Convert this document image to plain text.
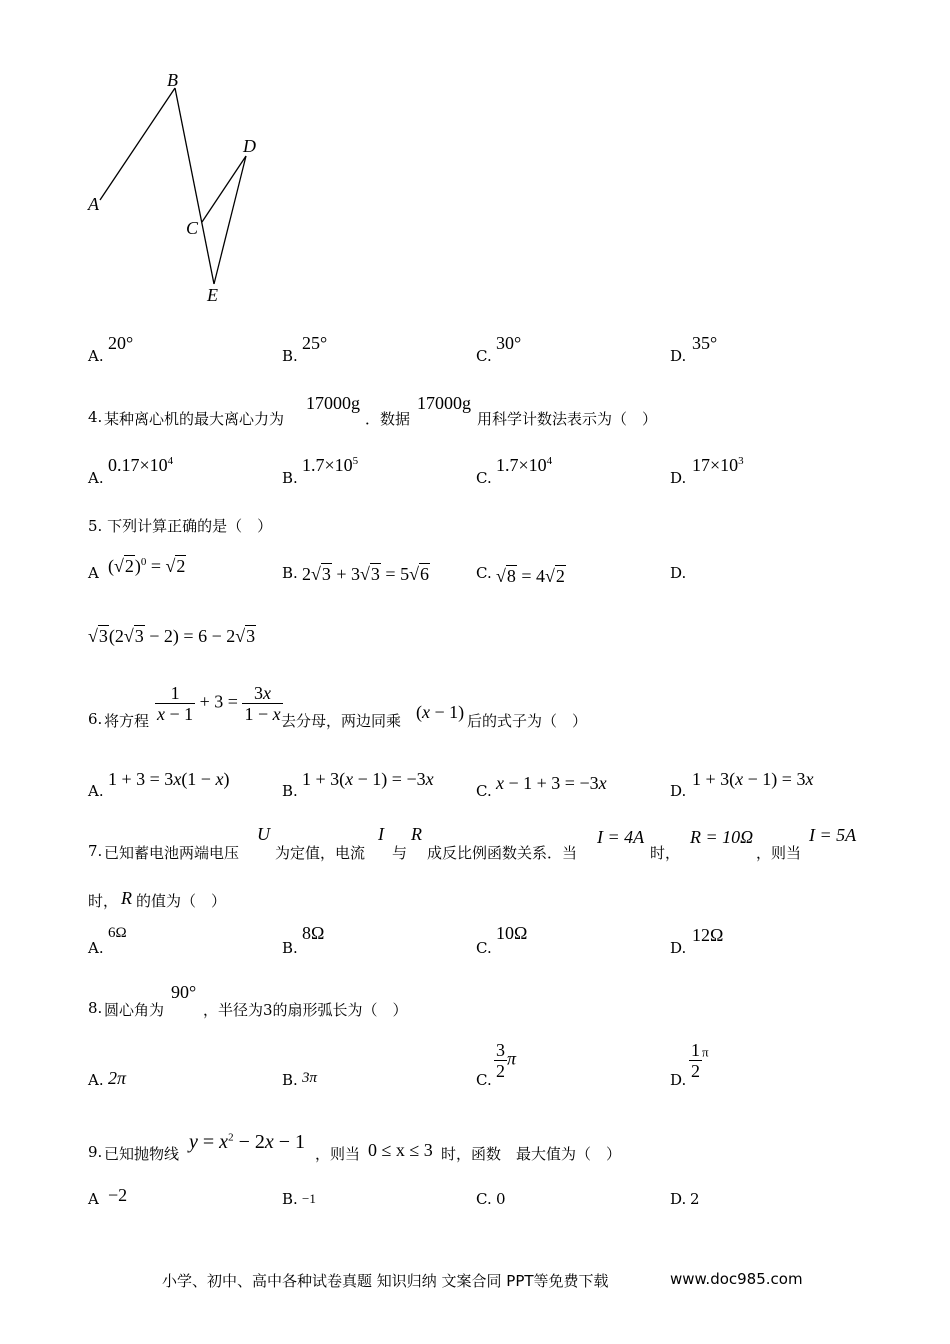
A
B
C
D
E
A.
20°
B.
25°
C.
30°
D.
35°
4. 某种离心机的最大离心力为
17000g
．数据
17000g
用科学计数法表示为（　）
A.
$0.17\times 10^4$
B.
$1.7\times 10^5$
C.
$1.7\times 10^4$
D.
$17\times 10^3$
5. 下列计算正确的是（　）
A $(√2)^0 = √2$	B. 2√3 + 3√3 = 5√6	C. √8 = 4√2	D.
√3(2√3 − 2) = 6 − 2√3
6. 将方程 $\frac{1}{x - 1} + 3 = \frac{3x}{1 - x}$
去分母，两边同乘 (x − 1) 后的式子为（　）
A.
1 + 3 = 3x(1 − x)
B.
1 + 3(x − 1) = −3x
C. x − 1 + 3 = −3x	D.
1 + 3(x − 1) = 3x
7. 已知蓄电池两端电压
U
为定值，电流
I
与
R
成反比例函数关系．当
I = 4A
时，
R = 10Ω
，则当
I = 5A
时， R 的值为（　）
A.
6Ω
B.
8Ω
C.
10Ω
D.
12Ω
8. 圆心角为
90°
，半径为3的扇形弧长为（　）
A. 2π	B. 3π	C. $\frac{3}{2}$ π
D. $\frac{1}{2} ^\pi$
9. 已知抛物线
$y = x^2 - 2x - 1$
，则当 0 ≤ x ≤ 3 时，函数　最大值为（　）
A −2	B. −1	C. 0	D. 2
小学、初中、高中各种试卷真题 知识归纳 文案合同 PPT等免费下载	www.doc985.com
